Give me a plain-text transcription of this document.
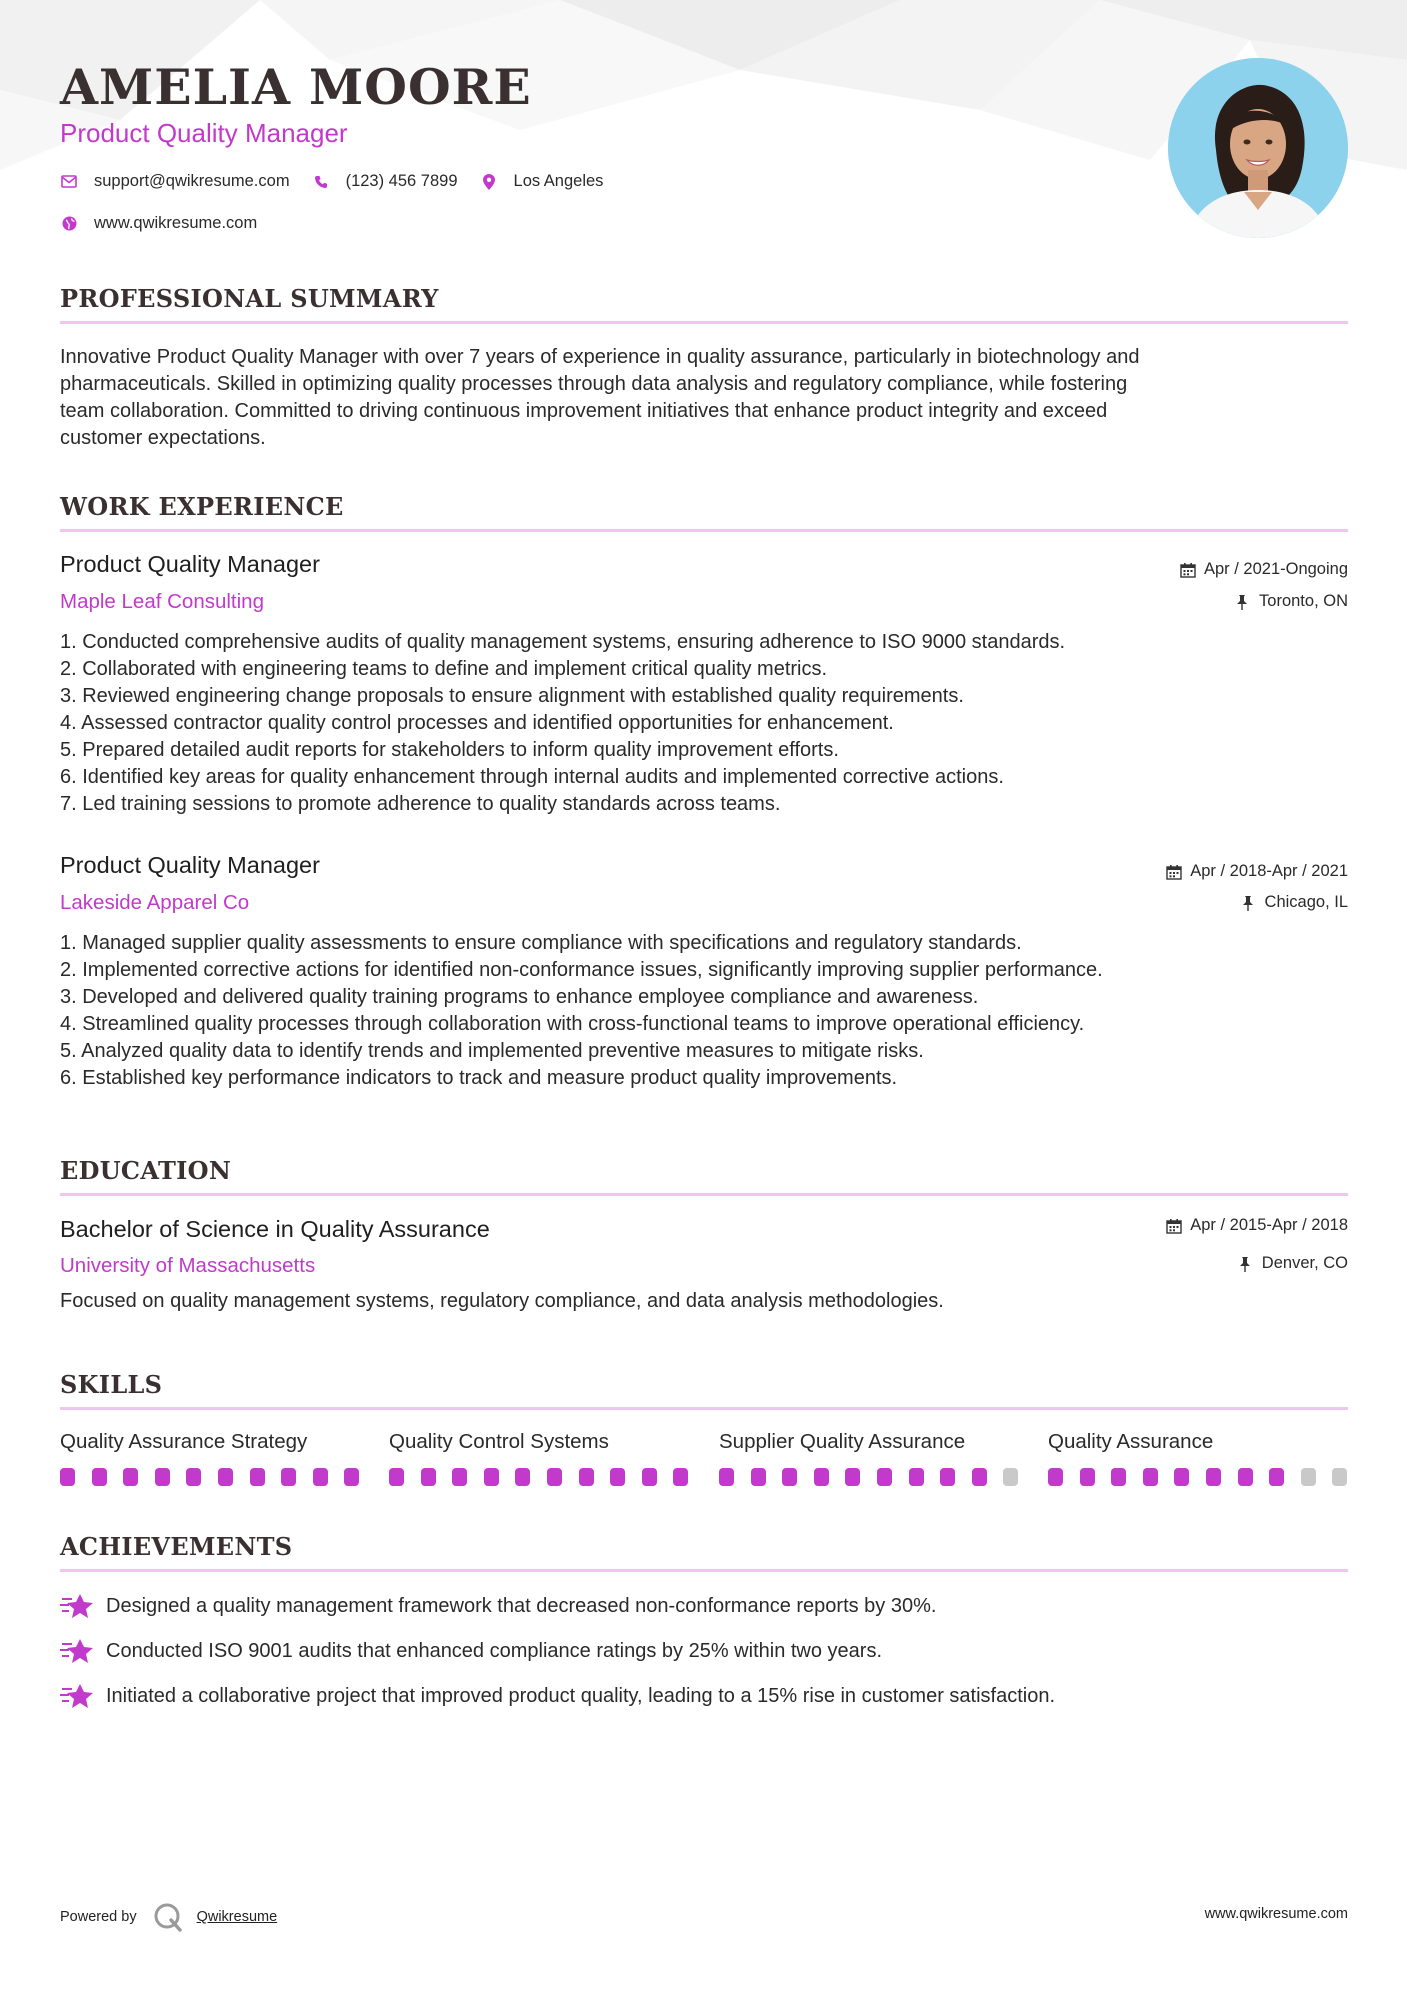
AMELIA MOORE
Product Quality Manager
support@qwikresume.com	(123) 456 7899	Los Angeles
www.qwikresume.com
PROFESSIONAL SUMMARY
Innovative Product Quality Manager with over 7 years of experience in quality assurance, particularly in biotechnology and
pharmaceuticals. Skilled in optimizing quality processes through data analysis and regulatory compliance, while fostering
team collaboration. Committed to driving continuous improvement initiatives that enhance product integrity and exceed
customer expectations.
WORK EXPERIENCE
Product Quality Manager
Maple Leaf Consulting
Apr / 2021-Ongoing
Toronto, ON
1. Conducted comprehensive audits of quality management systems, ensuring adherence to ISO 9000 standards.
2. Collaborated with engineering teams to define and implement critical quality metrics.
3. Reviewed engineering change proposals to ensure alignment with established quality requirements.
4. Assessed contractor quality control processes and identified opportunities for enhancement.
5. Prepared detailed audit reports for stakeholders to inform quality improvement efforts.
6. Identified key areas for quality enhancement through internal audits and implemented corrective actions.
7. Led training sessions to promote adherence to quality standards across teams.
Product Quality Manager
Lakeside Apparel Co
Apr / 2018-Apr / 2021
Chicago, IL
1. Managed supplier quality assessments to ensure compliance with specifications and regulatory standards.
2. Implemented corrective actions for identified non-conformance issues, significantly improving supplier performance.
3. Developed and delivered quality training programs to enhance employee compliance and awareness.
4. Streamlined quality processes through collaboration with cross-functional teams to improve operational efficiency.
5. Analyzed quality data to identify trends and implemented preventive measures to mitigate risks.
6. Established key performance indicators to track and measure product quality improvements.
EDUCATION
Bachelor of Science in Quality Assurance
University of Massachusetts
Apr / 2015-Apr / 2018
Denver, CO
Focused on quality management systems, regulatory compliance, and data analysis methodologies.
SKILLS
Quality Assurance Strategy	Quality Control Systems	Supplier Quality Assurance	Quality Assurance
ACHIEVEMENTS
Designed a quality management framework that decreased non-conformance reports by 30%.
Conducted ISO 9001 audits that enhanced compliance ratings by 25% within two years.
Initiated a collaborative project that improved product quality, leading to a 15% rise in customer satisfaction.
Powered by	Qwikresume	www.qwikresume.com
